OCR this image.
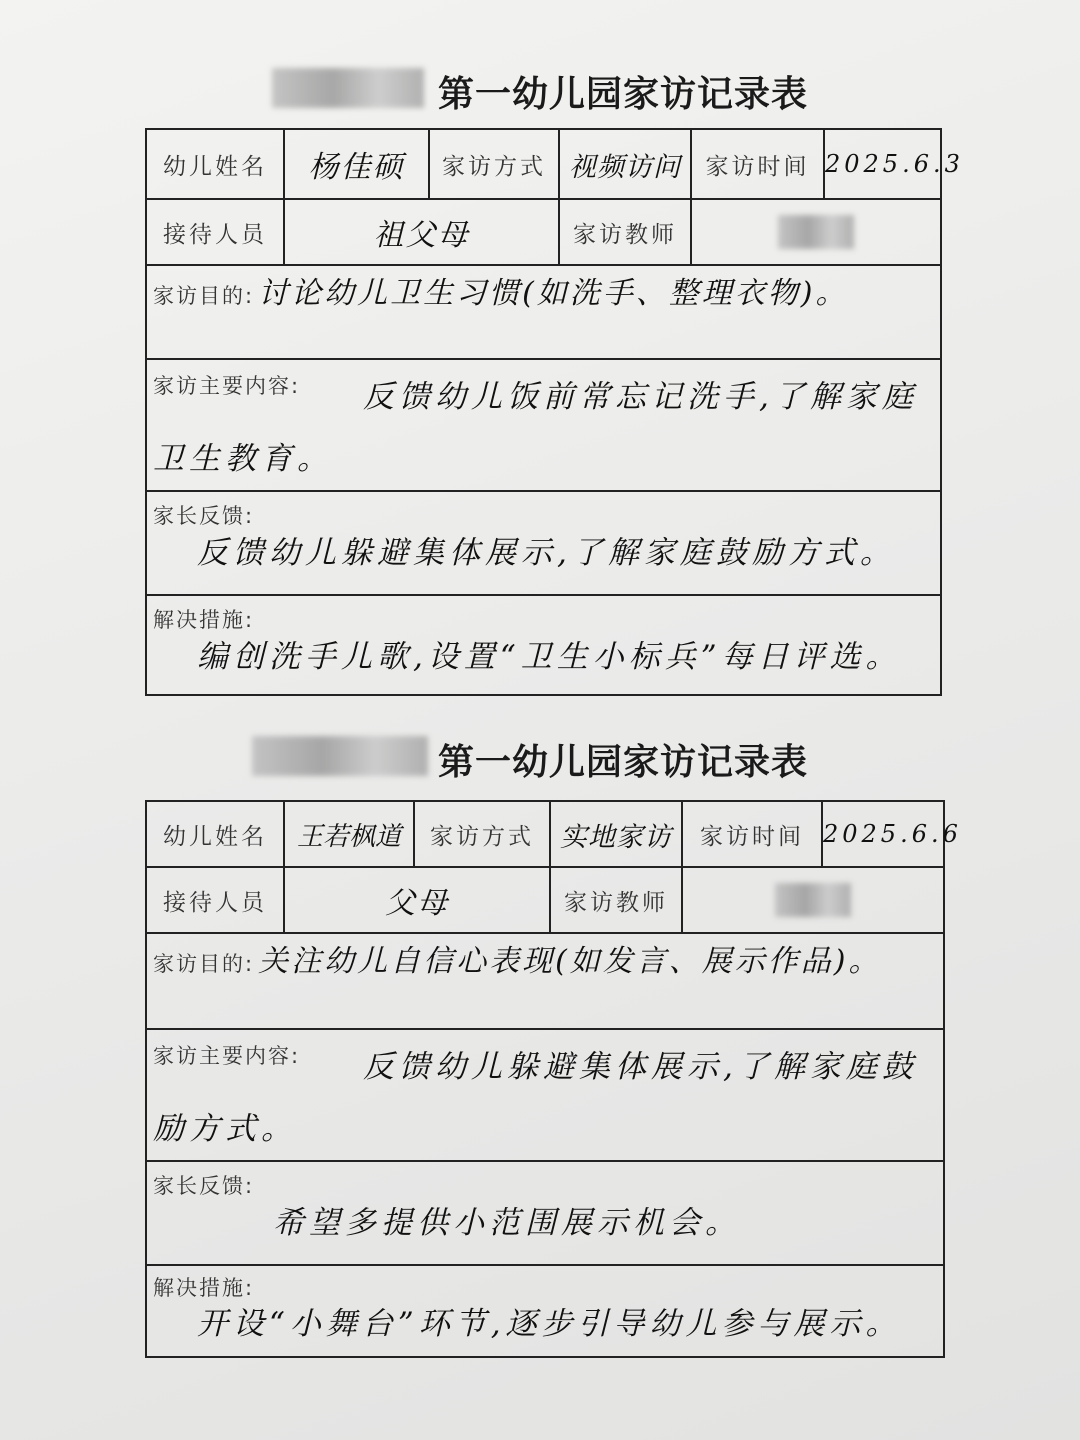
第一幼儿园家访记录表
幼儿姓名	杨佳硕	家访方式	视频访问	家访时间	2025.6.3
接待人员	祖父母		家访教师		

家访目的: 讨论幼儿卫生习惯(如洗手、整理衣物)。					

家访主要内容: 反馈幼儿饭前常忘记洗手,了解家庭卫生教育。					

家长反馈:
反馈幼儿躲避集体展示,了解家庭鼓励方式。					

解决措施:
编创洗手儿歌,设置“卫生小标兵”每日评选。					
第一幼儿园家访记录表
幼儿姓名	王若枫道	家访方式	实地家访	家访时间	2025.6.6
接待人员	父母		家访教师		

家访目的: 关注幼儿自信心表现(如发言、展示作品)。					

家访主要内容: 反馈幼儿躲避集体展示,了解家庭鼓励方式。					

家长反馈:
希望多提供小范围展示机会。					

解决措施:
开设“小舞台”环节,逐步引导幼儿参与展示。					
